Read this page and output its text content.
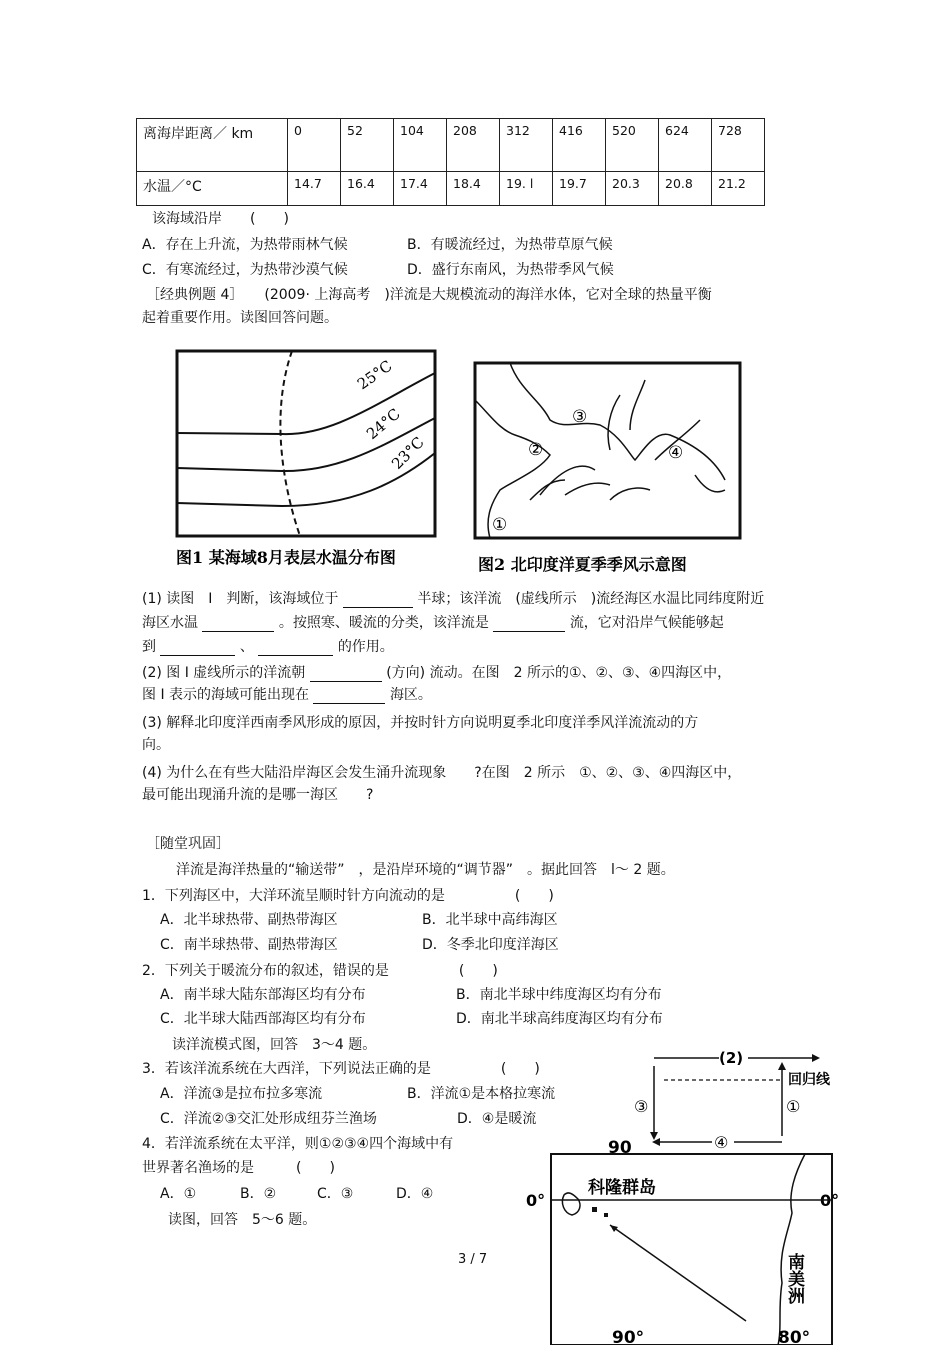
离海岸距离／ km	0	52	104	208	312	416	520	624	728
水温／°C	14.7	16.4	17.4	18.4	19. l	19.7	20.3	20.8	21.2
该海域沿岸　　(　　)
A．存在上升流，为热带雨林气候	B．有暖流经过，为热带草原气候
C．有寒流经过，为热带沙漠气候	D．盛行东南风，为热带季风气候
［经典例题 4］　　(2009· 上海高考　)洋流是大规模流动的海洋水体，它对全球的热量平衡
起着重要作用。读图回答问题。
25°C
24°C
23°C
图1 某海域8月表层水温分布图
①
②
③
④
图2 北印度洋夏季季风示意图
(1) 读图　I　判断，该海域位于	半球；该洋流　(虚线所示　)流经海区水温比同纬度附近
海区水温	。按照寒、暖流的分类，该洋流是	流，它对沿岸气候能够起
到	、	的作用。
(2) 图 I 虚线所示的洋流朝	(方向) 流动。在图　2 所示的①、②、③、④四海区中，
图 I 表示的海域可能出现在	海区。
(3) 解释北印度洋西南季风形成的原因，并按时针方向说明夏季北印度洋季风洋流流动的方
向。
(4) 为什么在有些大陆沿岸海区会发生涌升流现象　　?在图　2 所示　①、②、③、④四海区中，
最可能出现涌升流的是哪一海区　　?
［随堂巩固］
洋流是海洋热量的“输送带”　，是沿岸环境的“调节器”　。据此回答　l～ 2 题。
1．下列海区中，大洋环流呈顺时针方向流动的是　　　　　(　　)
A．北半球热带、副热带海区	B．北半球中高纬海区
C．南半球热带、副热带海区	D．冬季北印度洋海区
2．下列关于暖流分布的叙述，错误的是　　　　　(　　)
A．南半球大陆东部海区均有分布	B．南北半球中纬度海区均有分布
C．北半球大陆西部海区均有分布	D．南北半球高纬度海区均有分布
读洋流模式图，回答　3～4 题。
3．若该洋流系统在大西洋，下列说法正确的是　　　　　(　　)
A．洋流③是拉布拉多寒流	B．洋流①是本格拉寒流
C．洋流②③交汇处形成纽芬兰渔场	D．④是暖流
4．若洋流系统在太平洋，则①②③④四个海域中有
世界著名渔场的是　　　(　　)
A．①	B．②	C．③	D．④
读图，回答　5～6 题。
(2)
回归线
③	①
④
90
0°	0°
科隆群岛
南美洲
90°	80°
3 / 7
